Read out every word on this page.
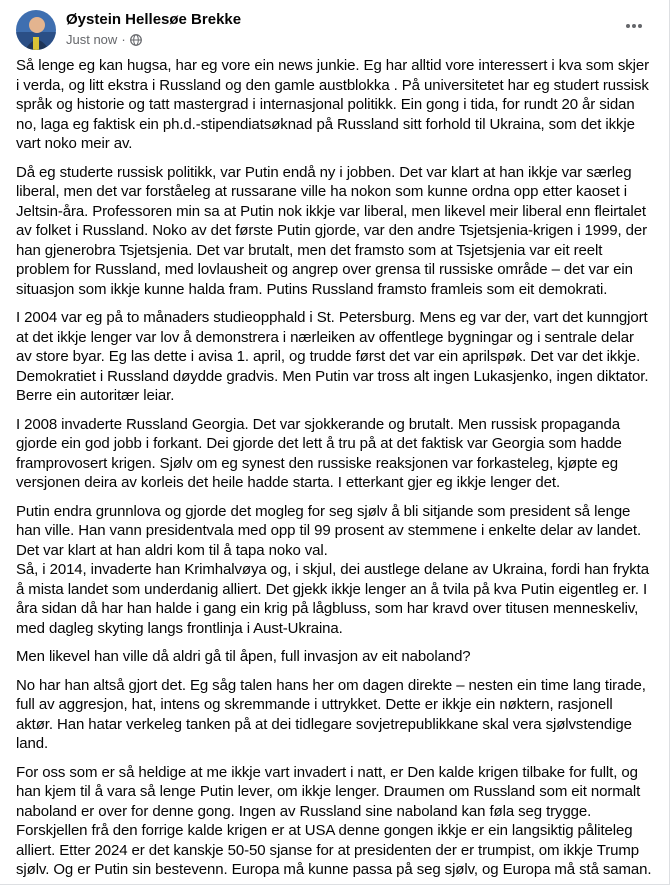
Øystein Hellesøe Brekke
Just now ·

Så lenge eg kan hugsa, har eg vore ein news junkie. Eg har alltid vore interessert i kva som skjer i verda, og litt ekstra i Russland og den gamle austblokka . På universitetet har eg studert russisk språk og historie og tatt mastergrad i internasjonal politikk. Ein gong i tida, for rundt 20 år sidan no, laga eg faktisk ein ph.d.-stipendiatsøknad på Russland sitt forhold til Ukraina, som det ikkje vart noko meir av.

Då eg studerte russisk politikk, var Putin endå ny i jobben. Det var klart at han ikkje var særleg liberal, men det var forståeleg at russarane ville ha nokon som kunne ordna opp etter kaoset i Jeltsin-åra. Professoren min sa at Putin nok ikkje var liberal, men likevel meir liberal enn fleirtalet av folket i Russland. Noko av det første Putin gjorde, var den andre Tsjetsjenia-krigen i 1999, der han gjenerobra Tsjetsjenia. Det var brutalt, men det framsto som at Tsjetsjenia var eit reelt problem for Russland, med lovlausheit og angrep over grensa til russiske område – det var ein situasjon som ikkje kunne halda fram. Putins Russland framsto framleis som eit demokrati.

I 2004 var eg på to månaders studieopphald i St. Petersburg. Mens eg var der, vart det kunngjort at det ikkje lenger var lov å demonstrera i nærleiken av offentlege bygningar og i sentrale delar av store byar. Eg las dette i avisa 1. april, og trudde først det var ein aprilspøk. Det var det ikkje. Demokratiet i Russland døydde gradvis. Men Putin var tross alt ingen Lukasjenko, ingen diktator. Berre ein autoritær leiar.

I 2008 invaderte Russland Georgia. Det var sjokkerande og brutalt. Men russisk propaganda gjorde ein god jobb i forkant. Dei gjorde det lett å tru på at det faktisk var Georgia som hadde framprovosert krigen. Sjølv om eg synest den russiske reaksjonen var forkasteleg, kjøpte eg versjonen deira av korleis det heile hadde starta. I etterkant gjer eg ikkje lenger det.

Putin endra grunnlova og gjorde det mogleg for seg sjølv å bli sitjande som president så lenge han ville. Han vann presidentvala med opp til 99 prosent av stemmene i enkelte delar av landet. Det var klart at han aldri kom til å tapa noko val.

Så, i 2014, invaderte han Krimhalvøya og, i skjul, dei austlege delane av Ukraina, fordi han frykta å mista landet som underdanig alliert. Det gjekk ikkje lenger an å tvila på kva Putin eigentleg er. I åra sidan då har han halde i gang ein krig på lågbluss, som har kravd over titusen menneskeliv, med dagleg skyting langs frontlinja i Aust-Ukraina.

Men likevel han ville då aldri gå til åpen, full invasjon av eit naboland?

No har han altså gjort det. Eg såg talen hans her om dagen direkte – nesten ein time lang tirade, full av aggresjon, hat, intens og skremmande i uttrykket. Dette er ikkje ein nøktern, rasjonell aktør. Han hatar verkeleg tanken på at dei tidlegare sovjetrepublikkane skal vera sjølvstendige land.

For oss som er så heldige at me ikkje vart invadert i natt, er Den kalde krigen tilbake for fullt, og han kjem til å vara så lenge Putin lever, om ikkje lenger. Draumen om Russland som eit normalt naboland er over for denne gong. Ingen av Russland sine naboland kan føla seg trygge.

Forskjellen frå den forrige kalde krigen er at USA denne gongen ikkje er ein langsiktig påliteleg alliert. Etter 2024 er det kanskje 50-50 sjanse for at presidenten der er trumpist, om ikkje Trump sjølv. Og er Putin sin bestevenn. Europa må kunne passa på seg sjølv, og Europa må stå saman.
